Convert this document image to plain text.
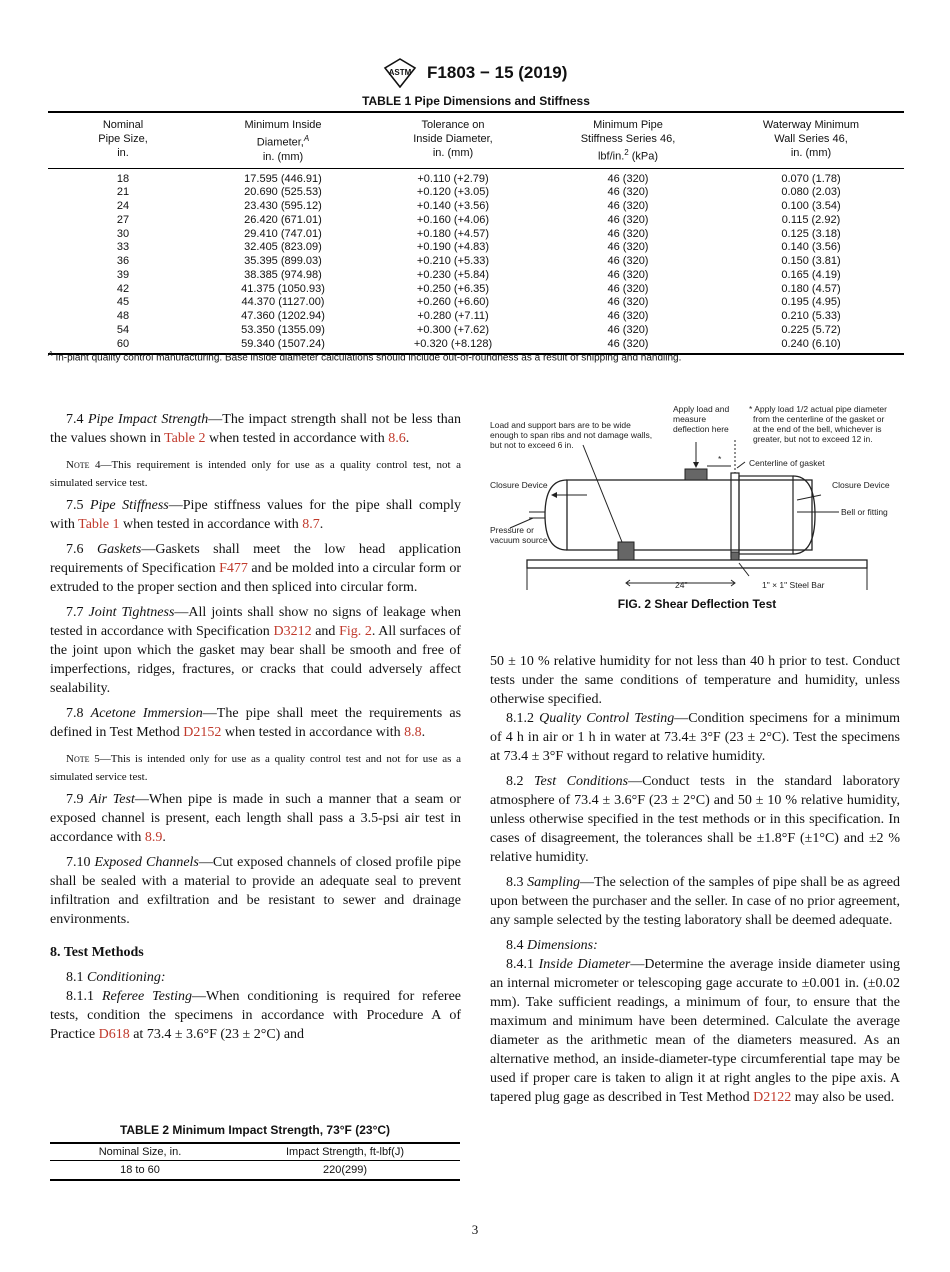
ASTM F1803 − 15 (2019)
TABLE 1 Pipe Dimensions and Stiffness
Nominal
Pipe Size,
in.	Minimum Inside
Diameter,$^A$
in. (mm)	Tolerance on
Inside Diameter,
in. (mm)	Minimum Pipe
Stiffness Series 46,
lbf/in.$^2$ (kPa)	Waterway Minimum
Wall Series 46,
in. (mm)
18	17.595 (446.91)	+0.110 (+2.79)	46 (320)	0.070 (1.78)
21	20.690 (525.53)	+0.120 (+3.05)	46 (320)	0.080 (2.03)
24	23.430 (595.12)	+0.140 (+3.56)	46 (320)	0.100 (3.54)
27	26.420 (671.01)	+0.160 (+4.06)	46 (320)	0.115 (2.92)
30	29.410 (747.01)	+0.180 (+4.57)	46 (320)	0.125 (3.18)
33	32.405 (823.09)	+0.190 (+4.83)	46 (320)	0.140 (3.56)
36	35.395 (899.03)	+0.210 (+5.33)	46 (320)	0.150 (3.81)
39	38.385 (974.98)	+0.230 (+5.84)	46 (320)	0.165 (4.19)
42	41.375 (1050.93)	+0.250 (+6.35)	46 (320)	0.180 (4.57)
45	44.370 (1127.00)	+0.260 (+6.60)	46 (320)	0.195 (4.95)
48	47.360 (1202.94)	+0.280 (+7.11)	46 (320)	0.210 (5.33)
54	53.350 (1355.09)	+0.300 (+7.62)	46 (320)	0.225 (5.72)
60	59.340 (1507.24)	+0.320 (+8.128)	46 (320)	0.240 (6.10)
$^A$ In-plant quality control manufacturing. Base inside diameter calculations should include out-of-roundness as a result of shipping and handling.

7.4 Pipe Impact Strength—The impact strength shall not be less than the values shown in Table 2 when tested in accordance with 8.6.

Note 4—This requirement is intended only for use as a quality control test, not a simulated service test.

7.5 Pipe Stiffness—Pipe stiffness values for the pipe shall comply with Table 1 when tested in accordance with 8.7.

7.6 Gaskets—Gaskets shall meet the low head application requirements of Specification F477 and be molded into a circular form or extruded to the proper section and then spliced into circular form.

7.7 Joint Tightness—All joints shall show no signs of leakage when tested in accordance with Specification D3212 and Fig. 2. All surfaces of the joint upon which the gasket may bear shall be smooth and free of imperfections, ridges, fractures, or cracks that could adversely affect sealability.

7.8 Acetone Immersion—The pipe shall meet the requirements as defined in Test Method D2152 when tested in accordance with 8.8.

Note 5—This is intended only for use as a quality control test and not for use as a simulated service test.

7.9 Air Test—When pipe is made in such a manner that a seam or exposed channel is present, each length shall pass a 3.5-psi air test in accordance with 8.9.

7.10 Exposed Channels—Cut exposed channels of closed profile pipe shall be sealed with a material to provide an adequate seal to prevent infiltration and exfiltration and be resistant to sewer and drainage environments.

8. Test Methods

8.1 Conditioning:

8.1.1 Referee Testing—When conditioning is required for referee tests, condition the specimens in accordance with Procedure A of Practice D618 at 73.4 ± 3.6°F (23 ± 2°C) and

TABLE 2 Minimum Impact Strength, 73°F (23°C)
Nominal Size, in.	Impact Strength, ft-lbf(J)
18 to 60	220(299)
Load and support bars are to be wide enough to span ribs and not damage walls, but not to exceed 6 in.
Apply load and measure deflection here
*
* Apply load 1/2 actual pipe diameter from the centerline of the gasket or at the end of the bell, whichever is greater, but not to exceed 12 in.
Centerline of gasket
Closure Device	Closure Device
Bell or fitting
Pressure or vacuum source
24"	1" × 1" Steel Bar
FIG. 2 Shear Deflection Test

50 ± 10 % relative humidity for not less than 40 h prior to test. Conduct tests under the same conditions of temperature and humidity, unless otherwise specified.

8.1.2 Quality Control Testing—Condition specimens for a minimum of 4 h in air or 1 h in water at 73.4± 3°F (23 ± 2°C). Test the specimens at 73.4 ± 3°F without regard to relative humidity.

8.2 Test Conditions—Conduct tests in the standard laboratory atmosphere of 73.4 ± 3.6°F (23 ± 2°C) and 50 ± 10 % relative humidity, unless otherwise specified in the test methods or in this specification. In cases of disagreement, the tolerances shall be ±1.8°F (±1°C) and ±2 % relative humidity.

8.3 Sampling—The selection of the samples of pipe shall be as agreed upon between the purchaser and the seller. In case of no prior agreement, any sample selected by the testing laboratory shall be deemed adequate.

8.4 Dimensions:

8.4.1 Inside Diameter—Determine the average inside diameter using an internal micrometer or telescoping gage accurate to ±0.001 in. (±0.02 mm). Take sufficient readings, a minimum of four, to ensure that the maximum and minimum have been determined. Calculate the average diameter as the arithmetic mean of the diameters measured. As an alternative method, an inside-diameter-type circumferential tape may be used if proper care is taken to align it at right angles to the pipe axis. A tapered plug gage as described in Test Method D2122 may also be used.

3
